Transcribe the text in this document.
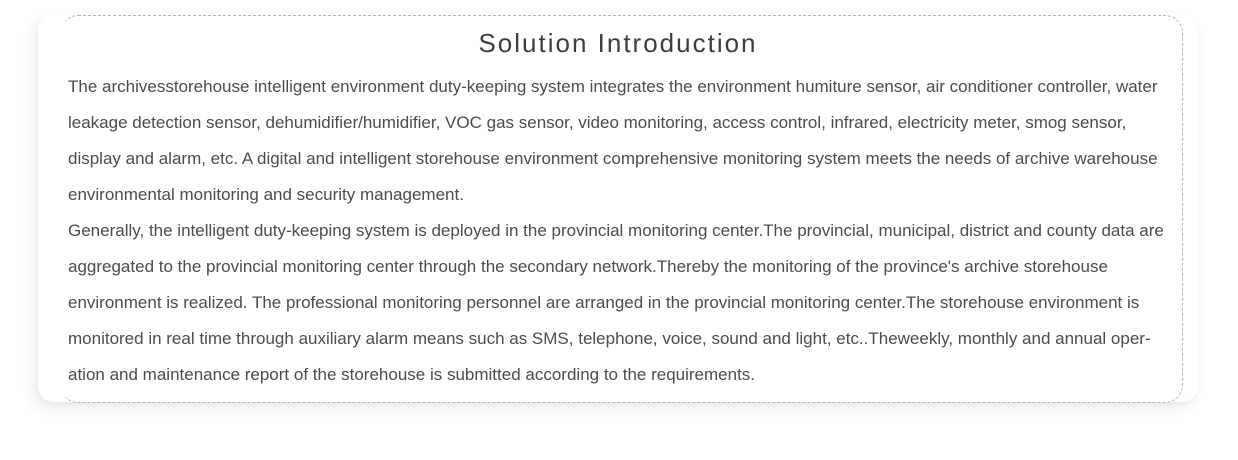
Solution Introduction

The archivesstorehouse intelligent environment duty-keeping system integrates the environment humiture sensor, air conditioner controller, water leakage detection sensor, dehumidifier/humidifier, VOC gas sensor, video monitoring, access control, infrared, electricity meter, smog sensor, display and alarm, etc. A digital and intelligent storehouse environment comprehensive monitoring system meets the needs of archive warehouse environmental monitoring and security management.

Generally, the intelligent duty-keeping system is deployed in the provincial monitoring center.The provincial, municipal, district and county data are aggregated to the provincial monitoring center through the secondary network.Thereby the monitoring of the province's archive storehouse environment is realized. The professional monitoring personnel are arranged in the provincial monitoring center.The storehouse environment is monitored in real time through auxiliary alarm means such as SMS, telephone, voice, sound and light, etc..Theweekly, monthly and annual operation and maintenance report of the storehouse is submitted according to the requirements.
